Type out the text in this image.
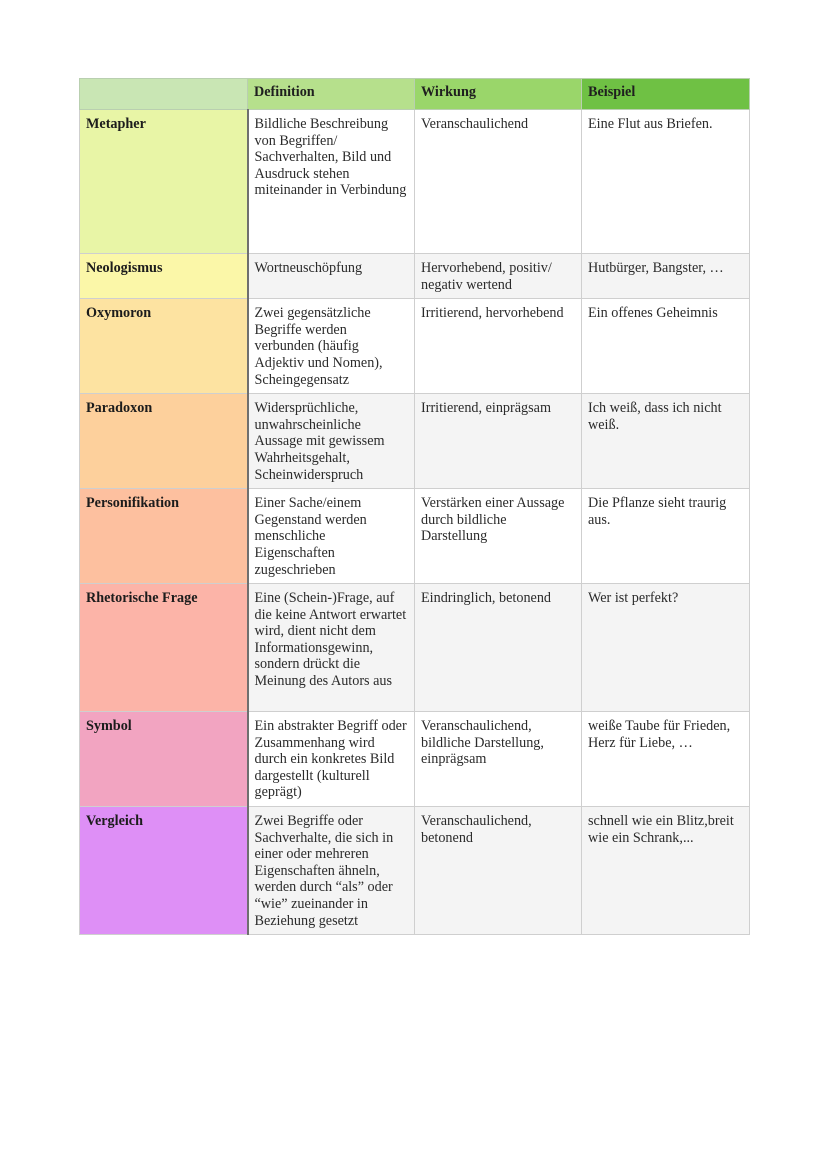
	Definition	Wirkung	Beispiel
Metapher	Bildliche Beschreibung von Begriffen/ Sachverhalten, Bild und Ausdruck stehen miteinander in Verbindung	Veranschaulichend	Eine Flut aus Briefen.
Neologismus	Wortneuschöpfung	Hervorhebend, positiv/ negativ wertend	Hutbürger, Bangster, …
Oxymoron	Zwei gegensätzliche Begriffe werden verbunden (häufig Adjektiv und Nomen), Scheingegensatz	Irritierend, hervorhebend	Ein offenes Geheimnis
Paradoxon	Widersprüchliche, unwahrscheinliche Aussage mit gewissem Wahrheitsgehalt, Scheinwiderspruch	Irritierend, einprägsam	Ich weiß, dass ich nicht weiß.
Personifikation	Einer Sache/einem Gegenstand werden menschliche Eigenschaften zugeschrieben	Verstärken einer Aussage durch bildliche Darstellung	Die Pflanze sieht traurig aus.
Rhetorische Frage	Eine (Schein-)Frage, auf die keine Antwort erwartet wird, dient nicht dem Informationsgewinn, sondern drückt die Meinung des Autors aus	Eindringlich, betonend	Wer ist perfekt?
Symbol	Ein abstrakter Begriff oder Zusammenhang wird durch ein konkretes Bild dargestellt (kulturell geprägt)	Veranschaulichend, bildliche Darstellung, einprägsam	weiße Taube für Frieden, Herz für Liebe, …
Vergleich	Zwei Begriffe oder Sachverhalte, die sich in einer oder mehreren Eigenschaften ähneln, werden durch “als” oder “wie” zueinander in Beziehung gesetzt	Veranschaulichend, betonend	schnell wie ein Blitz,breit wie ein Schrank,...
